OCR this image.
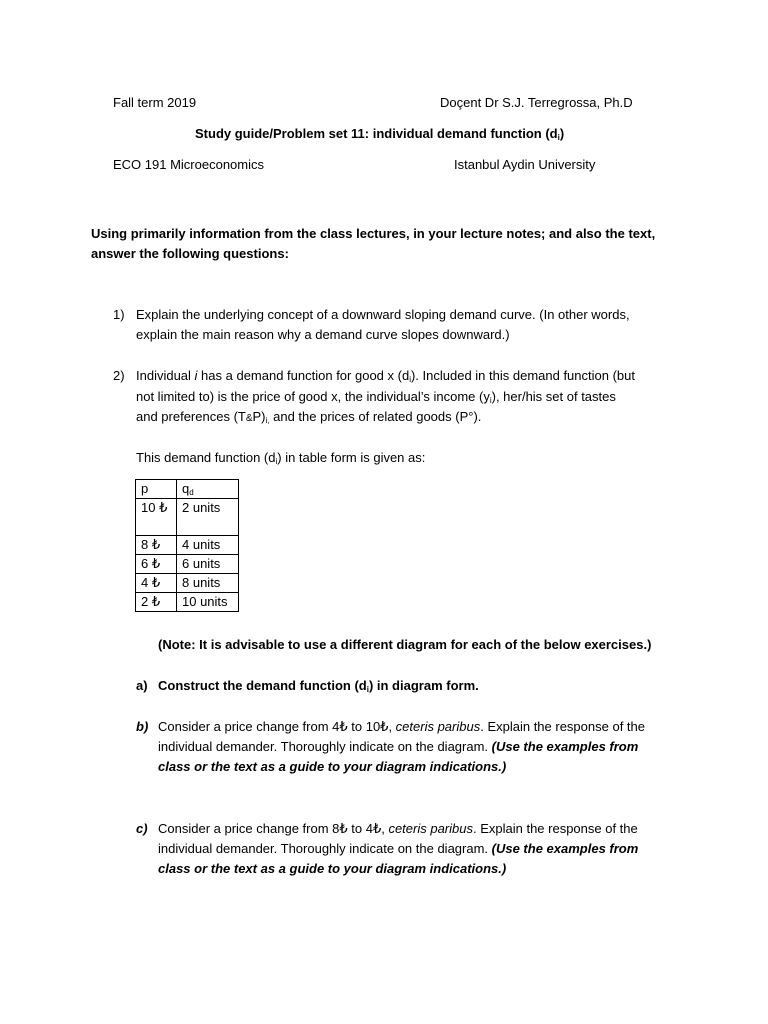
Fall term 2019	Doçent Dr S.J. Terregrossa, Ph.D
Study guide/Problem set 11: individual demand function $(d_i)$
ECO 191 Microeconomics	Istanbul Aydin University
Using primarily information from the class lectures, in your lecture notes; and also the text,
answer the following questions:
1) Explain the underlying concept of a downward sloping demand curve. (In other words,
explain the main reason why a demand curve slopes downward.)
2) Individual i has a demand function for good x $(d_i)$. Included in this demand function (but
not limited to) is the price of good x, the individual’s income $(y_i)$, her/his set of tastes
and preferences $(T\&P)_{i,}$ and the prices of related goods (P°).
This demand function $(d_i)$ in table form is given as:
p	$q_d$
10 ₺	2 units
8 ₺	4 units
6 ₺	6 units
4 ₺	8 units
2 ₺	10 units
(Note: It is advisable to use a different diagram for each of the below exercises.)
a) Construct the demand function $(d_i)$ in diagram form.
b) Consider a price change from 4₺ to 10₺, ceteris paribus. Explain the response of the
individual demander. Thoroughly indicate on the diagram. (Use the examples from
class or the text as a guide to your diagram indications.)
c) Consider a price change from 8₺ to 4₺, ceteris paribus. Explain the response of the
individual demander. Thoroughly indicate on the diagram. (Use the examples from
class or the text as a guide to your diagram indications.)
